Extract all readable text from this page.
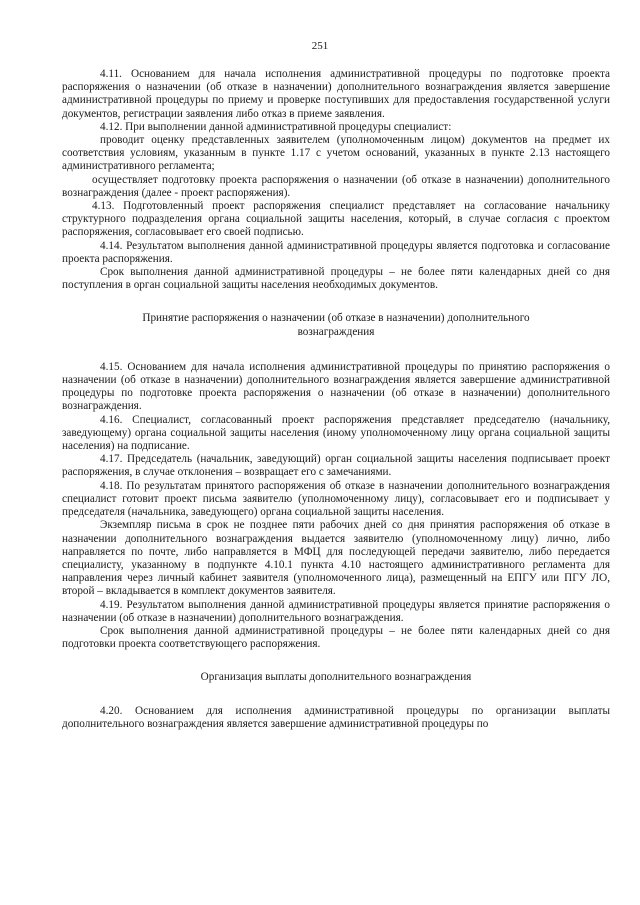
251

4.11. Основанием для начала исполнения административной процедуры по подготовке проекта распоряжения о назначении (об отказе в назначении) дополнительного вознаграждения является завершение административной процедуры по приему и проверке поступивших для предоставления государственной услуги документов, регистрации заявления либо отказ в приеме заявления.

4.12. При выполнении данной административной процедуры специалист:

проводит оценку представленных заявителем (уполномоченным лицом) документов на предмет их соответствия условиям, указанным в пункте 1.17 с учетом оснований, указанных в пункте 2.13 настоящего административного регламента;

осуществляет подготовку проекта распоряжения о назначении (об отказе в назначении) дополнительного вознаграждения (далее - проект распоряжения).

4.13. Подготовленный проект распоряжения специалист представляет на согласование начальнику структурного подразделения органа социальной защиты населения, который, в случае согласия с проектом распоряжения, согласовывает его своей подписью.

4.14. Результатом выполнения данной административной процедуры является подготовка и согласование проекта распоряжения.

Срок выполнения данной административной процедуры – не более пяти календарных дней со дня поступления в орган социальной защиты населения необходимых документов.

Принятие распоряжения о назначении (об отказе в назначении) дополнительного вознаграждения

4.15. Основанием для начала исполнения административной процедуры по принятию распоряжения о назначении (об отказе в назначении) дополнительного вознаграждения является завершение административной процедуры по подготовке проекта распоряжения о назначении (об отказе в назначении) дополнительного вознаграждения.

4.16. Специалист, согласованный проект распоряжения представляет председателю (начальнику, заведующему) органа социальной защиты населения (иному уполномоченному лицу органа социальной защиты населения) на подписание.

4.17. Председатель (начальник, заведующий) орган социальной защиты населения подписывает проект распоряжения, в случае отклонения – возвращает его с замечаниями.

4.18. По результатам принятого распоряжения об отказе в назначении дополнительного вознаграждения специалист готовит проект письма заявителю (уполномоченному лицу), согласовывает его и подписывает у председателя (начальника, заведующего) органа социальной защиты населения.

Экземпляр письма в срок не позднее пяти рабочих дней со дня принятия распоряжения об отказе в назначении дополнительного вознаграждения выдается заявителю (уполномоченному лицу) лично, либо направляется по почте, либо направляется в МФЦ для последующей передачи заявителю, либо передается специалисту, указанному в подпункте 4.10.1 пункта 4.10 настоящего административного регламента для направления через личный кабинет заявителя (уполномоченного лица), размещенный на ЕПГУ или ПГУ ЛО, второй – вкладывается в комплект документов заявителя.

4.19. Результатом выполнения данной административной процедуры является принятие распоряжения о назначении (об отказе в назначении) дополнительного вознаграждения.

Срок выполнения данной административной процедуры – не более пяти календарных дней со дня подготовки проекта соответствующего распоряжения.

Организация выплаты дополнительного вознаграждения

4.20. Основанием для исполнения административной процедуры по организации выплаты дополнительного вознаграждения является завершение административной процедуры по
